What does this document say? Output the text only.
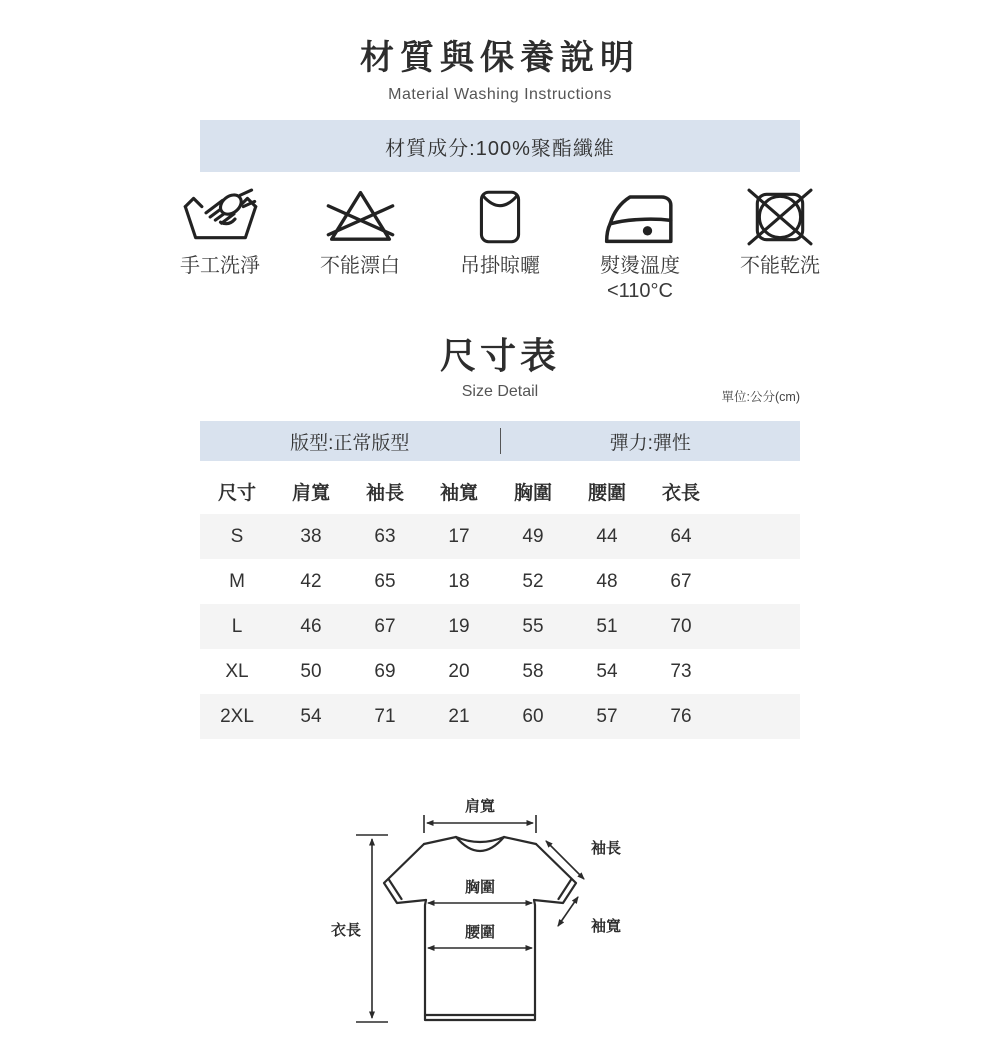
材質與保養說明
Material Washing Instructions
材質成分:100%聚酯纖維
手工洗淨	不能漂白	吊掛晾曬	熨燙溫度
<110°C
不能乾洗
尺寸表
Size Detail	單位:公分(cm)
版型:正常版型	彈力:彈性
尺寸	肩寬	袖長	袖寬	胸圍	腰圍	衣長
S	38	63	17	49	44	64
M	42	65	18	52	48	67
L	46	67	19	55	51	70
XL	50	69	20	58	54	73
2XL	54	71	21	60	57	76
肩寬
衣長
胸圍
腰圍
袖長
袖寬
